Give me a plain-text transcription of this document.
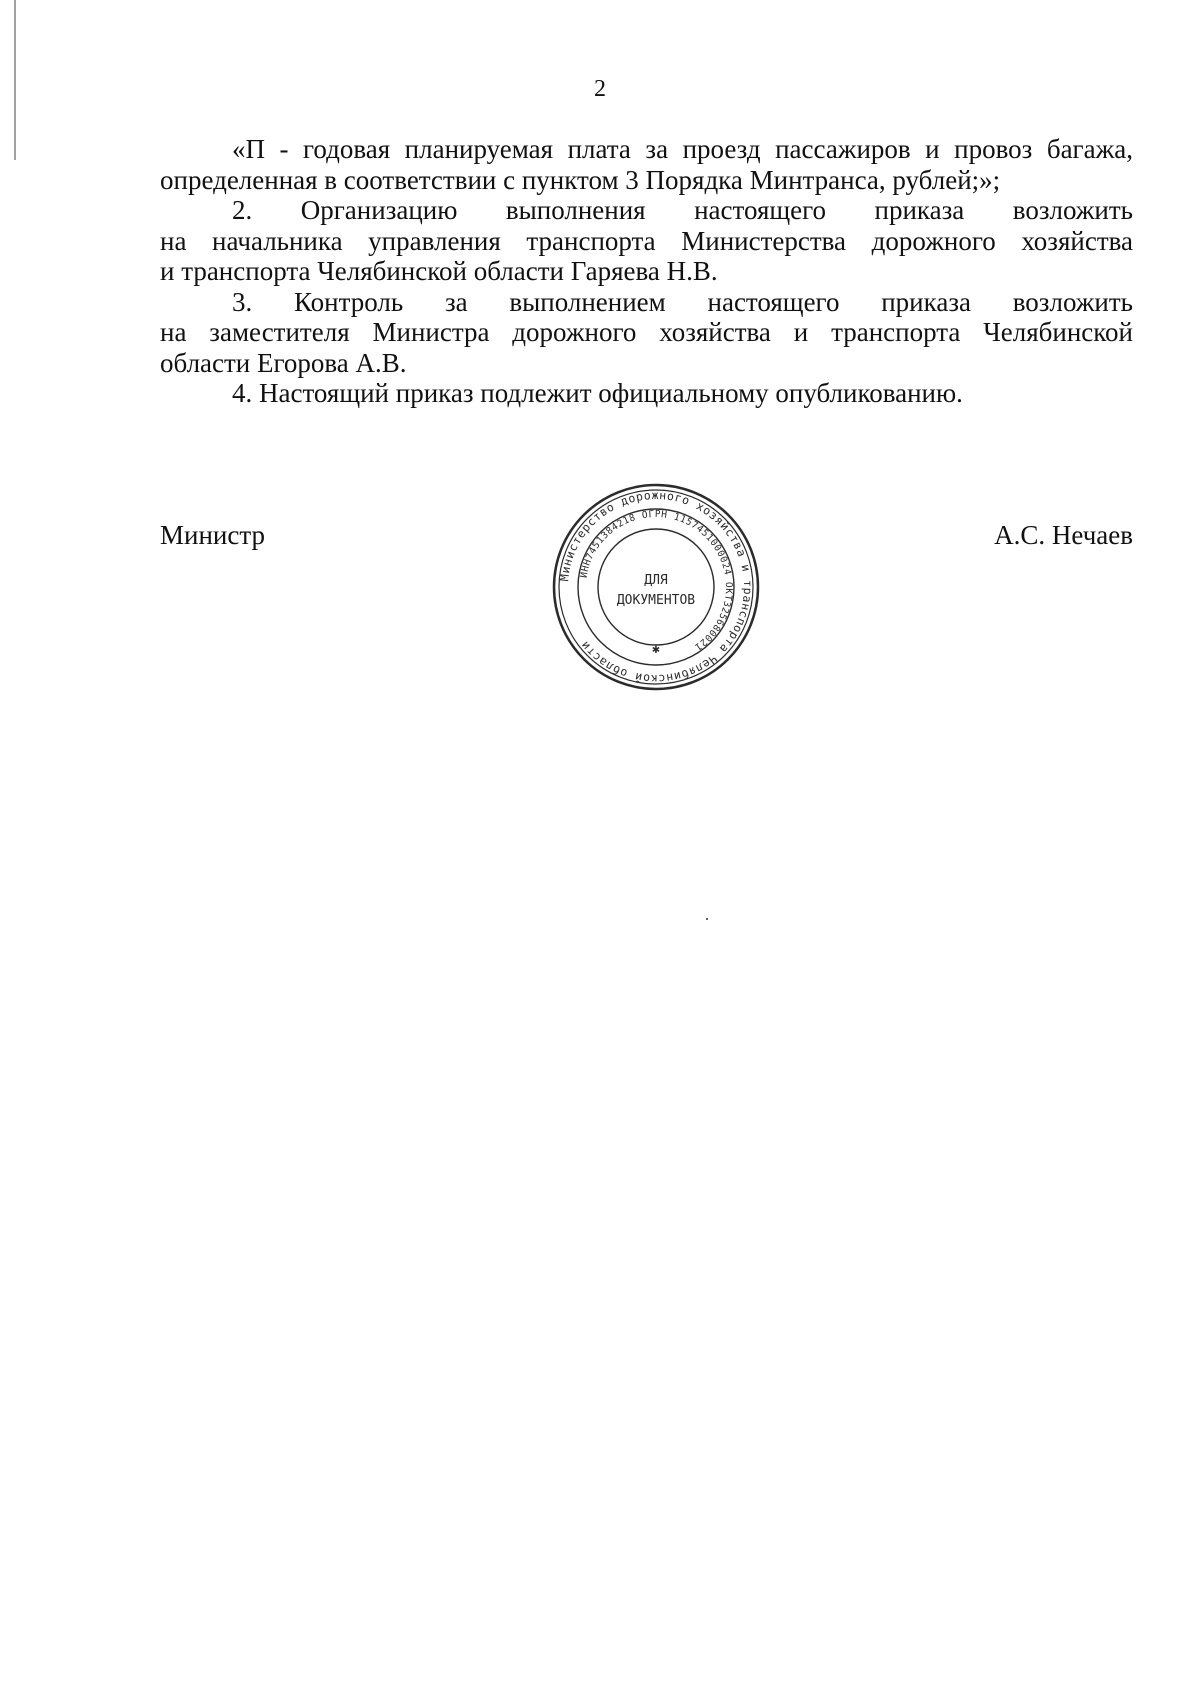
2
«П - годовая планируемая плата за проезд пассажиров и провоз багажа,
определенная в соответствии с пунктом 3 Порядка Минтранса, рублей;»;
2. Организацию выполнения настоящего приказа возложить
на начальника управления транспорта Министерства дорожного хозяйства
и транспорта Челябинской области Гаряева Н.В.
3. Контроль за выполнением настоящего приказа возложить
на заместителя Министра дорожного хозяйства и транспорта Челябинской
области Егорова А.В.
4. Настоящий приказ подлежит официальному опубликованию.
Министр	А.С. Нечаев
Министерство дорожного хозяйства и транспорта Челябинской области
ИНН7451384218 ОГРН 1157451000024 ОКТ325680021
ДЛЯ
ДОКУМЕНТОВ
✱
